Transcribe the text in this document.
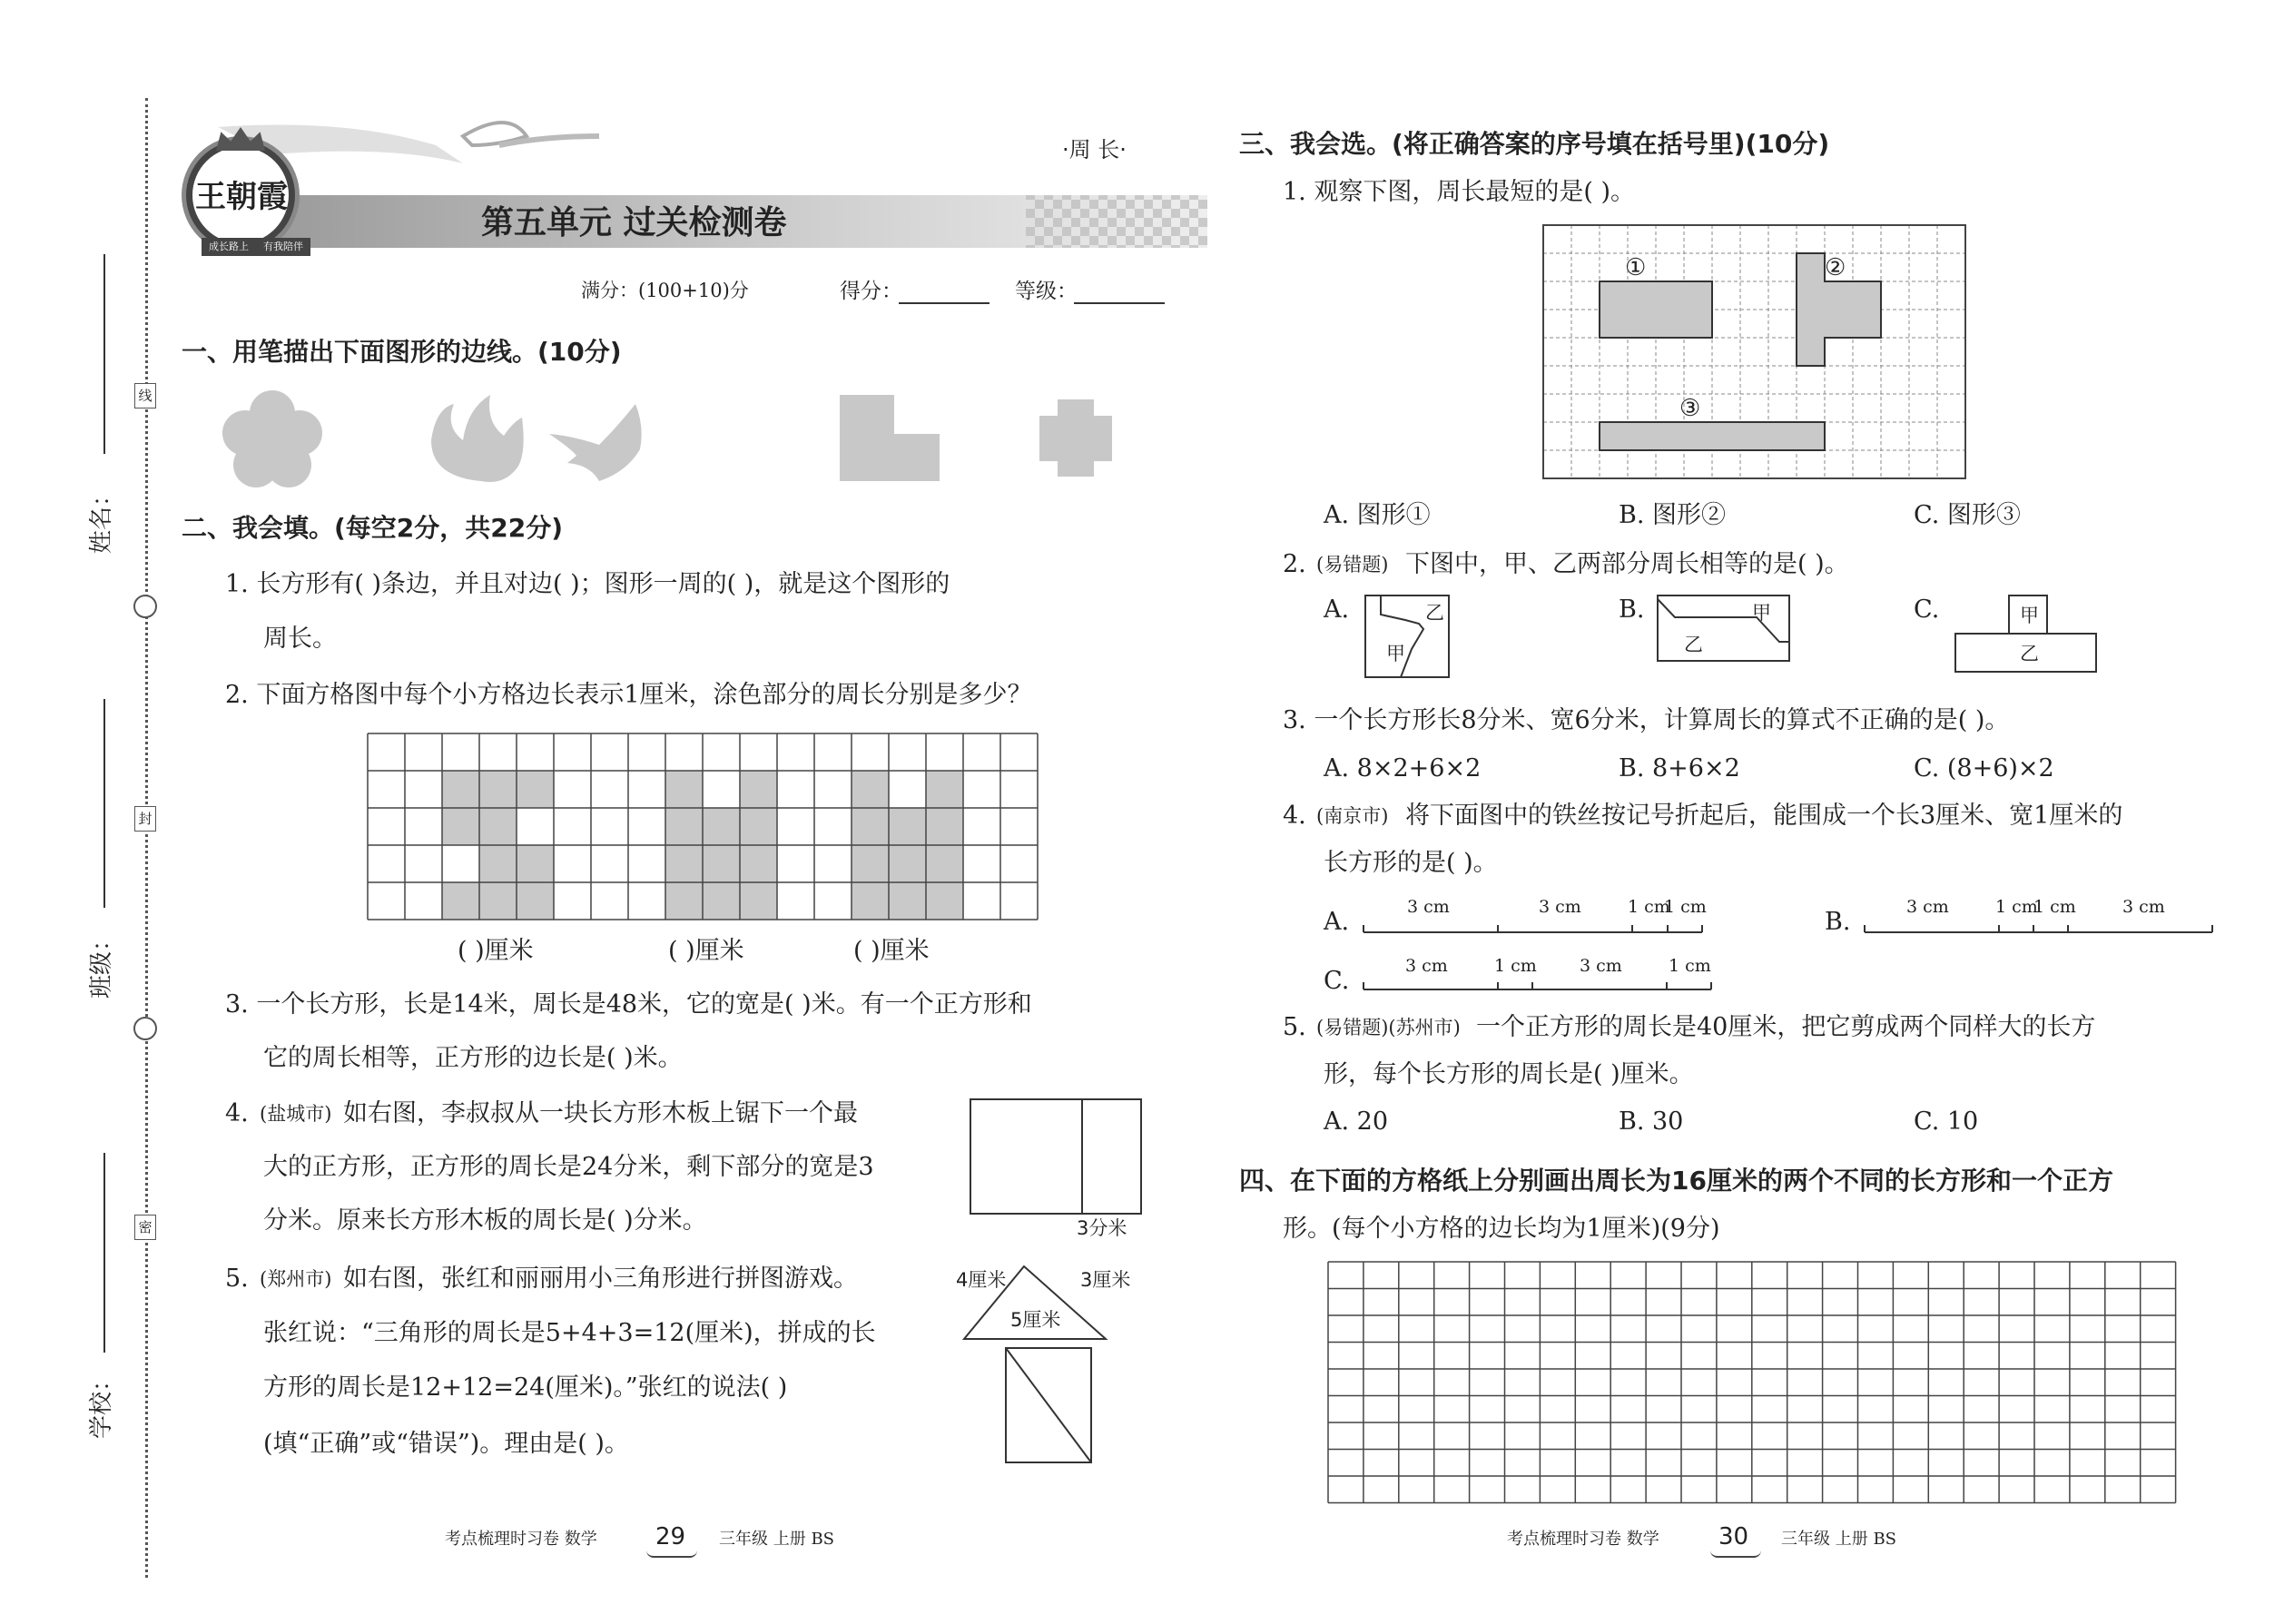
线
封
密
姓名：
班级：
学校：
王朝霞
成长路上 有我陪伴
·周 长·
第五单元 过关检测卷
满分：(100+10)分	得分：	等级：
一、用笔描出下面图形的边线。(10分)
二、我会填。(每空2分，共22分)
1. 长方形有( )条边，并且对边( )；图形一周的( )，就是这个图形的
周长。
2. 下面方格图中每个小方格边长表示1厘米，涂色部分的周长分别是多少？
( )厘米	( )厘米	( )厘米
3. 一个长方形，长是14米，周长是48米，它的宽是( )米。有一个正方形和
它的周长相等，正方形的边长是( )米。
4. (盐城市) 如右图，李叔叔从一块长方形木板上锯下一个最
大的正方形，正方形的周长是24分米，剩下部分的宽是3
分米。原来长方形木板的周长是( )分米。	3分米
5. (郑州市) 如右图，张红和丽丽用小三角形进行拼图游戏。
张红说：“三角形的周长是5+4+3=12(厘米)，拼成的长
方形的周长是12+12=24(厘米)。”张红的说法( )
(填“正确”或“错误”)。理由是( )。
4厘米	3厘米
5厘米
考点梳理时习卷 数学 29 三年级 上册 BS
三、我会选。(将正确答案的序号填在括号里)(10分)
1. 观察下图，周长最短的是( )。
①	②
③
A. 图形①	B. 图形②	C. 图形③
2. (易错题) 下图中，甲、乙两部分周长相等的是( )。
A.	乙
甲
B.	甲
乙
C.	甲
乙
3. 一个长方形长8分米、宽6分米，计算周长的算式不正确的是( )。
A. 8×2+6×2	B. 8+6×2	C. (8+6)×2
4. (南京市) 将下面图中的铁丝按记号折起后，能围成一个长3厘米、宽1厘米的
长方形的是( )。
A.
3 cm	3 cm	1 cm
1 cm
B.
3 cm	1 cm
1 cm	3 cm
C.
3 cm	1 cm 3 cm	1 cm
5. (易错题)(苏州市) 一个正方形的周长是40厘米，把它剪成两个同样大的长方
形，每个长方形的周长是( )厘米。
A. 20	B. 30	C. 10
四、在下面的方格纸上分别画出周长为16厘米的两个不同的长方形和一个正方
形。(每个小方格的边长均为1厘米)(9分)
考点梳理时习卷 数学	30 三年级 上册 BS
